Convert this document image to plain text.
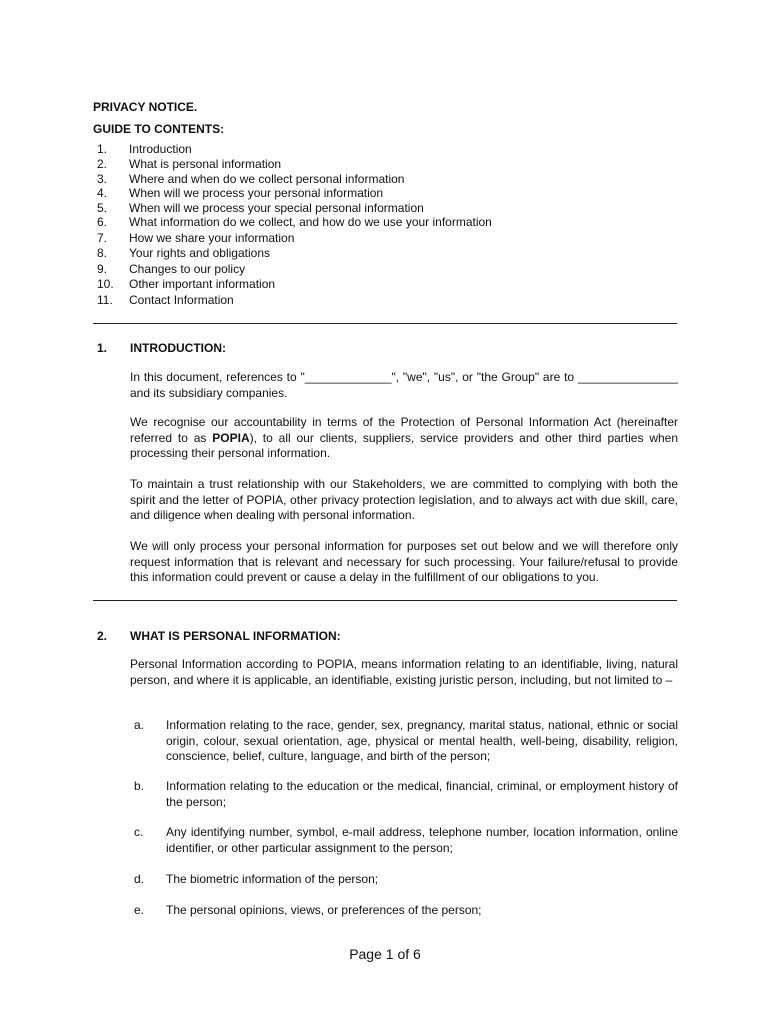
PRIVACY NOTICE.
GUIDE TO CONTENTS:
1.	Introduction
2.	What is personal information
3.	Where and when do we collect personal information
4.	When will we process your personal information
5.	When will we process your special personal information
6.	What information do we collect, and how do we use your information
7.	How we share your information
8.	Your rights and obligations
9.	Changes to our policy
10.	Other important information
11.	Contact Information
1. INTRODUCTION:
In this document, references to "_____________", "we", "us", or "the Group" are to _______________ and its subsidiary companies.
We recognise our accountability in terms of the Protection of Personal Information Act (hereinafter referred to as POPIA), to all our clients, suppliers, service providers and other third parties when processing their personal information.
To maintain a trust relationship with our Stakeholders, we are committed to complying with both the spirit and the letter of POPIA, other privacy protection legislation, and to always act with due skill, care, and diligence when dealing with personal information.
We will only process your personal information for purposes set out below and we will therefore only request information that is relevant and necessary for such processing. Your failure/refusal to provide this information could prevent or cause a delay in the fulfillment of our obligations to you.
2. WHAT IS PERSONAL INFORMATION:
Personal Information according to POPIA, means information relating to an identifiable, living, natural person, and where it is applicable, an identifiable, existing juristic person, including, but not limited to –
a. Information relating to the race, gender, sex, pregnancy, marital status, national, ethnic or social origin, colour, sexual orientation, age, physical or mental health, well-being, disability, religion, conscience, belief, culture, language, and birth of the person;
b. Information relating to the education or the medical, financial, criminal, or employment history of the person;
c. Any identifying number, symbol, e-mail address, telephone number, location information, online identifier, or other particular assignment to the person;
d. The biometric information of the person;
e. The personal opinions, views, or preferences of the person;
Page 1 of 6
